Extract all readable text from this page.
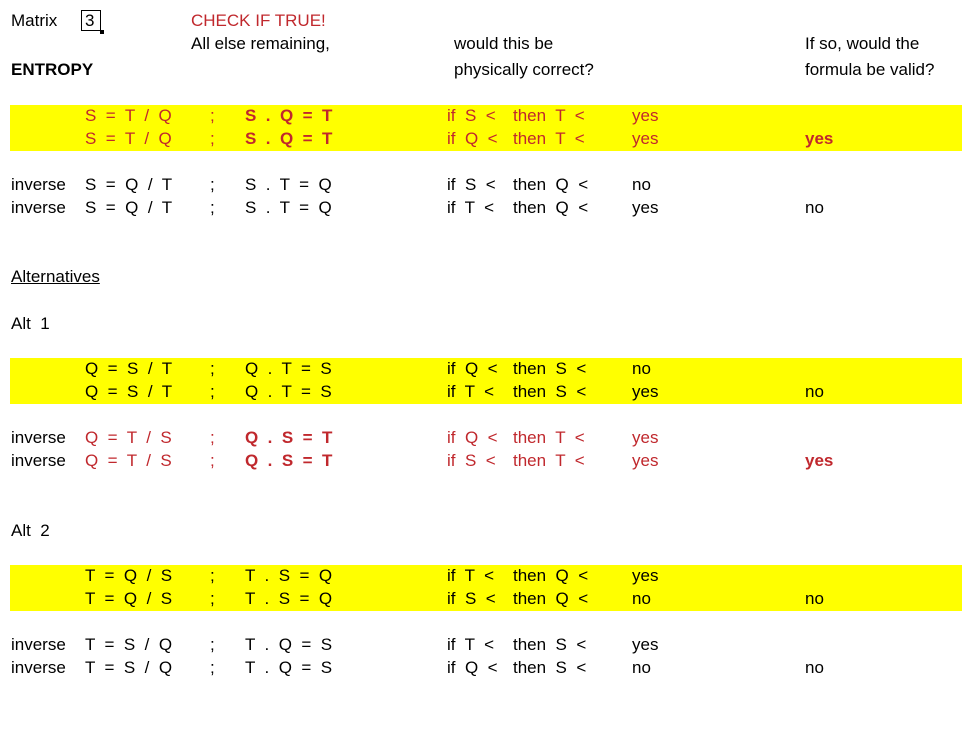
Matrix 3
ENTROPY
CHECK IF TRUE!
All else remaining,	would this be
physically correct?
If so, would the
formula be valid?
Alternatives
Alt  1
Alt  2
S  =  T  /  Q ; S  .  Q  =  T	if  S  < then  T  <	yes
S  =  T  /  Q ; S  .  Q  =  T	if  Q  < then  T  <	yes	yes
inverse S  =  Q  /  T ; S  .  T  =  Q	if  S  < then  Q  <	no
inverse S  =  Q  /  T ; S  .  T  =  Q	if  T  < then  Q  <	yes	no
Q  =  S  /  T ; Q  .  T  =  S	if  Q  < then  S  <	no
Q  =  S  /  T ; Q  .  T  =  S	if  T  < then  S  <	yes	no
inverse Q  =  T  /  S ; Q  .  S  =  T	if  Q  < then  T  <	yes
inverse Q  =  T  /  S ; Q  .  S  =  T	if  S  < then  T  <	yes	yes
T  =  Q  /  S ; T  .  S  =  Q	if  T  < then  Q  <	yes
T  =  Q  /  S ; T  .  S  =  Q	if  S  < then  Q  <	no	no
inverse T  =  S  /  Q ; T  .  Q  =  S	if  T  < then  S  <	yes
inverse T  =  S  /  Q ; T  .  Q  =  S	if  Q  < then  S  <	no	no
